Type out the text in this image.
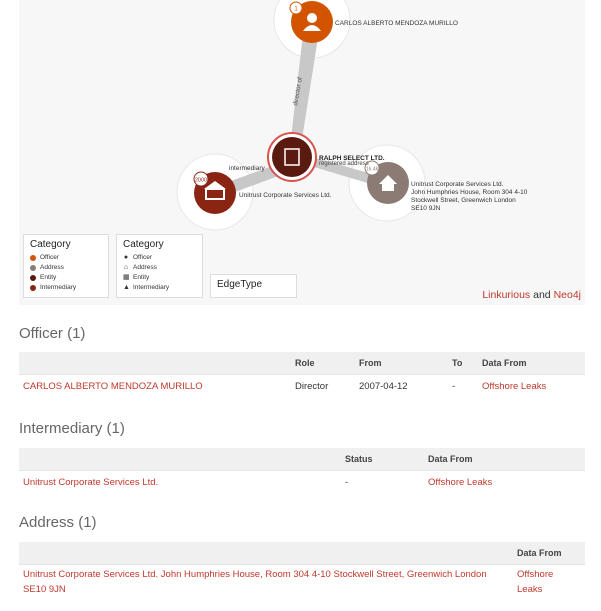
1
CARLOS ALBERTO MENDOZA MURILLO
director of
2000
Unitrust Corporate Services Ltd.
intermediary	16.4k
Unitrust Corporate Services Ltd.
John Humphries House, Room 304 4-10
Stockwell Street, Greenwich London
SE10 9JN
RALPH SELECT LTD.
registered address
Category
Officer
Address
Entity
Intermediary
Category
● Officer
⌂ Address
▦ Entity
▲ Intermediary	EdgeType
Linkurious and Neo4j
Officer (1)
	Role	From	To	Data From
CARLOS ALBERTO MENDOZA MURILLO	Director	2007-04-12	-	Offshore Leaks
Intermediary (1)
	Status	Data From
Unitrust Corporate Services Ltd.	-	Offshore Leaks
Address (1)
	Data From
Unitrust Corporate Services Ltd. John Humphries House, Room 304 4-10 Stockwell Street, Greenwich London SE10 9JN	Offshore Leaks
